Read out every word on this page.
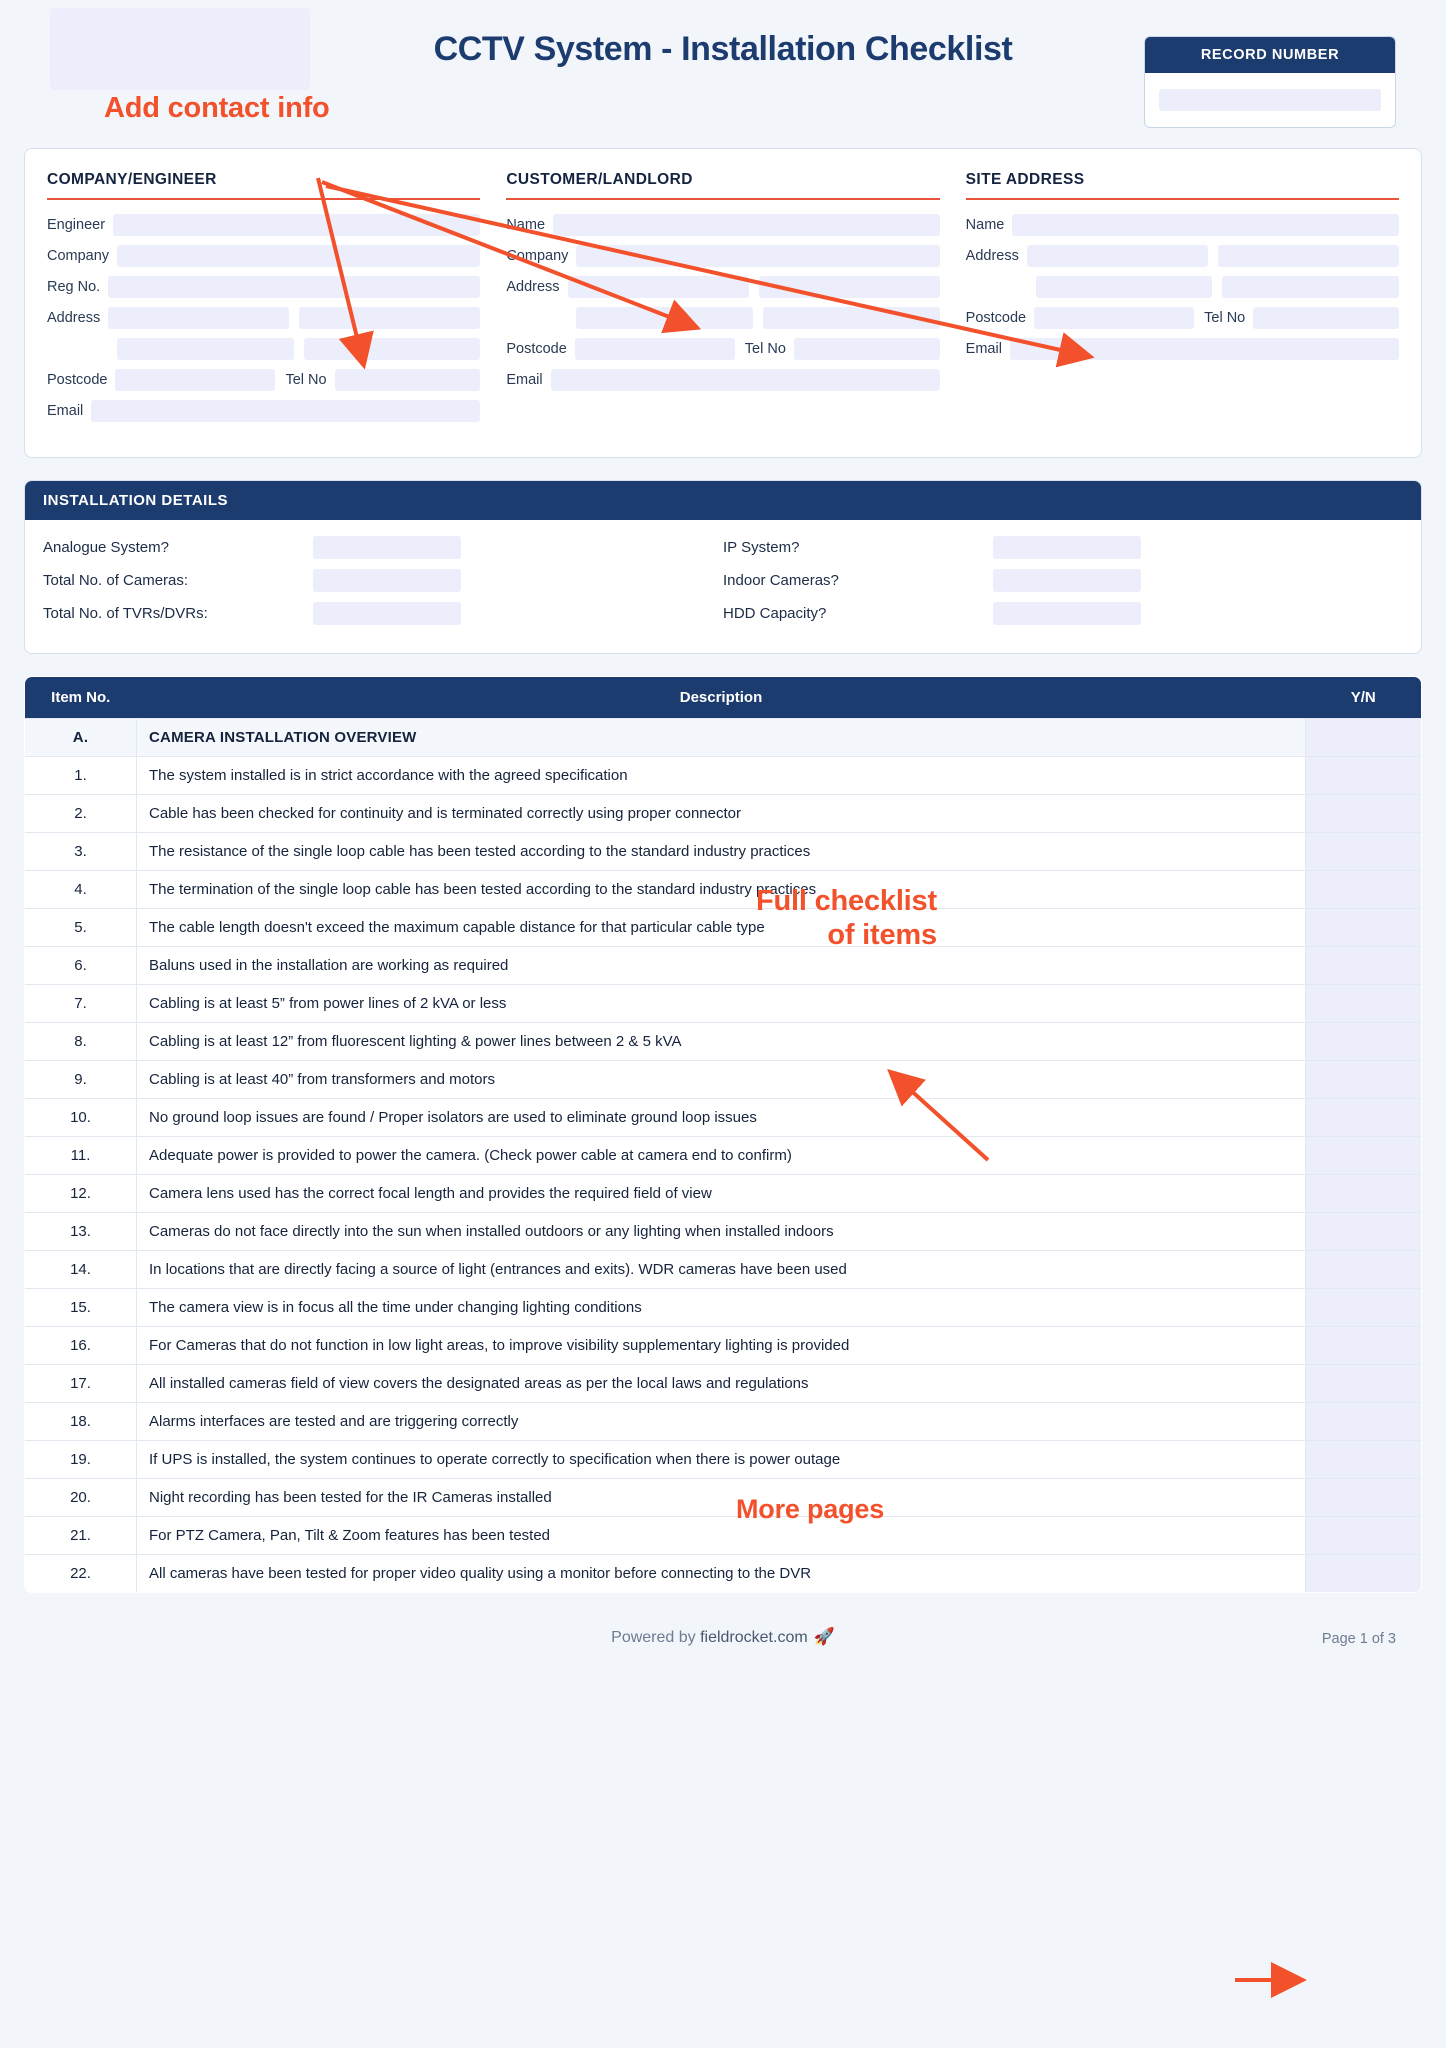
CCTV System - Installation Checklist	RECORD NUMBER
COMPANY/ENGINEER
Engineer
Company
Reg No.
Address
Postcode	Tel No
Email
CUSTOMER/LANDLORD
Name
Company
Address
Postcode	Tel No
Email
SITE ADDRESS
Name
Address
Postcode	Tel No
Email
INSTALLATION DETAILS
Analogue System?
Total No. of Cameras:
Total No. of TVRs/DVRs:
IP System?
Indoor Cameras?
HDD Capacity?
Item No.	Description	Y/N
A.	CAMERA INSTALLATION OVERVIEW	
1.	The system installed is in strict accordance with the agreed specification	
2.	Cable has been checked for continuity and is terminated correctly using proper connector	
3.	The resistance of the single loop cable has been tested according to the standard industry practices	
4.	The termination of the single loop cable has been tested according to the standard industry practices	
5.	The cable length doesn't exceed the maximum capable distance for that particular cable type	
6.	Baluns used in the installation are working as required	
7.	Cabling is at least 5” from power lines of 2 kVA or less	
8.	Cabling is at least 12” from fluorescent lighting & power lines between 2 & 5 kVA	
9.	Cabling is at least 40” from transformers and motors	
10.	No ground loop issues are found / Proper isolators are used to eliminate ground loop issues	
11.	Adequate power is provided to power the camera. (Check power cable at camera end to confirm)	
12.	Camera lens used has the correct focal length and provides the required field of view	
13.	Cameras do not face directly into the sun when installed outdoors or any lighting when installed indoors	
14.	In locations that are directly facing a source of light (entrances and exits). WDR cameras have been used	
15.	The camera view is in focus all the time under changing lighting conditions	
16.	For Cameras that do not function in low light areas, to improve visibility supplementary lighting is provided	
17.	All installed cameras field of view covers the designated areas as per the local laws and regulations	
18.	Alarms interfaces are tested and are triggering correctly	
19.	If UPS is installed, the system continues to operate correctly to specification when there is power outage	
20.	Night recording has been tested for the IR Cameras installed	
21.	For PTZ Camera, Pan, Tilt & Zoom features has been tested	
22.	All cameras have been tested for proper video quality using a monitor before connecting to the DVR	
Powered by fieldrocket.com 🚀	Page 1 of 3
Add contact info
Full checklist
of items
More pages
